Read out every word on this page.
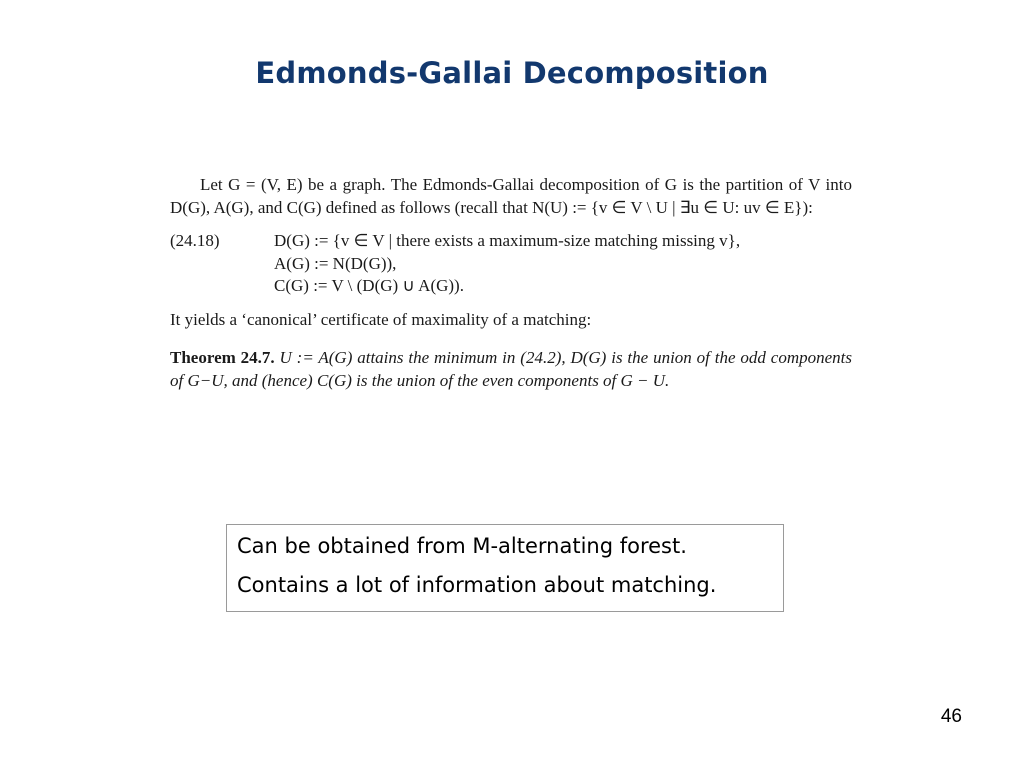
Edmonds-Gallai Decomposition
Let G = (V, E) be a graph. The Edmonds-Gallai decomposition of G is the partition of V into D(G), A(G), and C(G) defined as follows (recall that N(U) := {v ∈ V \ U | ∃u ∈ U: uv ∈ E}):
(24.18)	D(G) := {v ∈ V | there exists a maximum-size matching missing v},
A(G) := N(D(G)),
C(G) := V \ (D(G) ∪ A(G)).
It yields a ‘canonical’ certificate of maximality of a matching:
Theorem 24.7. U := A(G) attains the minimum in (24.2), D(G) is the union of the odd components of G−U, and (hence) C(G) is the union of the even components of G − U.
Can be obtained from M-alternating forest.
Contains a lot of information about matching.
46
